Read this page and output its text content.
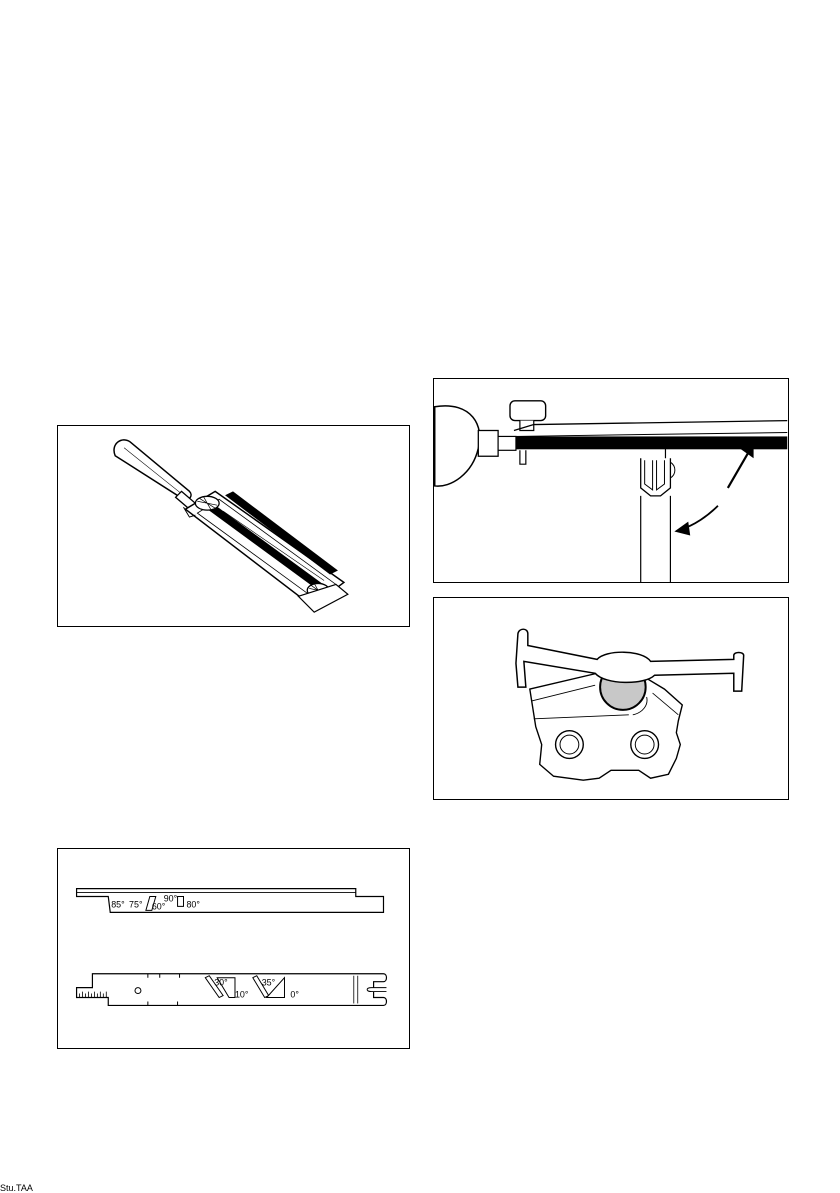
85° 75° 60°
90°
80°
30°
10°
35°
0°
Stu.TAA
